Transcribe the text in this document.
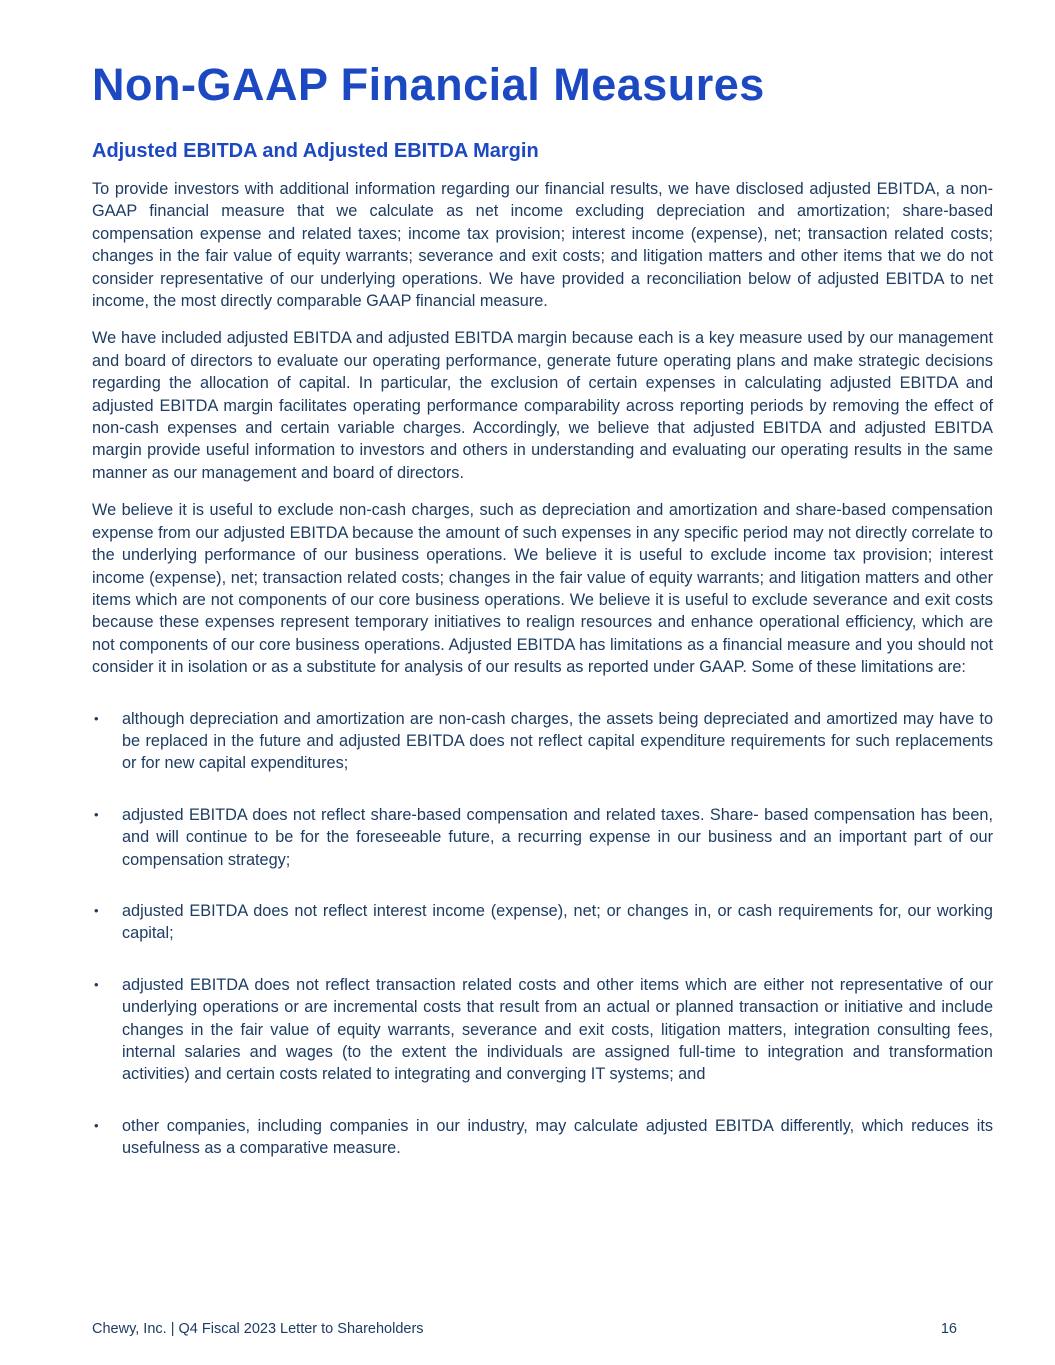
Non-GAAP Financial Measures
Adjusted EBITDA and Adjusted EBITDA Margin

To provide investors with additional information regarding our financial results, we have disclosed adjusted EBITDA, a non-GAAP financial measure that we calculate as net income excluding depreciation and amortization; share-based compensation expense and related taxes; income tax provision; interest income (expense), net; transaction related costs; changes in the fair value of equity warrants; severance and exit costs; and litigation matters and other items that we do not consider representative of our underlying operations. We have provided a reconciliation below of adjusted EBITDA to net income, the most directly comparable GAAP financial measure.

We have included adjusted EBITDA and adjusted EBITDA margin because each is a key measure used by our management and board of directors to evaluate our operating performance, generate future operating plans and make strategic decisions regarding the allocation of capital. In particular, the exclusion of certain expenses in calculating adjusted EBITDA and adjusted EBITDA margin facilitates operating performance comparability across reporting periods by removing the effect of non-cash expenses and certain variable charges. Accordingly, we believe that adjusted EBITDA and adjusted EBITDA margin provide useful information to investors and others in understanding and evaluating our operating results in the same manner as our management and board of directors.

We believe it is useful to exclude non-cash charges, such as depreciation and amortization and share-based compensation expense from our adjusted EBITDA because the amount of such expenses in any specific period may not directly correlate to the underlying performance of our business operations. We believe it is useful to exclude income tax provision; interest income (expense), net; transaction related costs; changes in the fair value of equity warrants; and litigation matters and other items which are not components of our core business operations. We believe it is useful to exclude severance and exit costs because these expenses represent temporary initiatives to realign resources and enhance operational efficiency, which are not components of our core business operations. Adjusted EBITDA has limitations as a financial measure and you should not consider it in isolation or as a substitute for analysis of our results as reported under GAAP. Some of these limitations are:

•	although depreciation and amortization are non-cash charges, the assets being depreciated and amortized may have to be replaced in the future and adjusted EBITDA does not reflect capital expenditure requirements for such replacements or for new capital expenditures;
•	adjusted EBITDA does not reflect share-based compensation and related taxes. Share- based compensation has been, and will continue to be for the foreseeable future, a recurring expense in our business and an important part of our compensation strategy;
•	adjusted EBITDA does not reflect interest income (expense), net; or changes in, or cash requirements for, our working capital;
•	adjusted EBITDA does not reflect transaction related costs and other items which are either not representative of our underlying operations or are incremental costs that result from an actual or planned transaction or initiative and include changes in the fair value of equity warrants, severance and exit costs, litigation matters, integration consulting fees, internal salaries and wages (to the extent the individuals are assigned full-time to integration and transformation activities) and certain costs related to integrating and converging IT systems; and
•	other companies, including companies in our industry, may calculate adjusted EBITDA differently, which reduces its usefulness as a comparative measure.
Chewy, Inc. | Q4 Fiscal 2023 Letter to Shareholders	16
